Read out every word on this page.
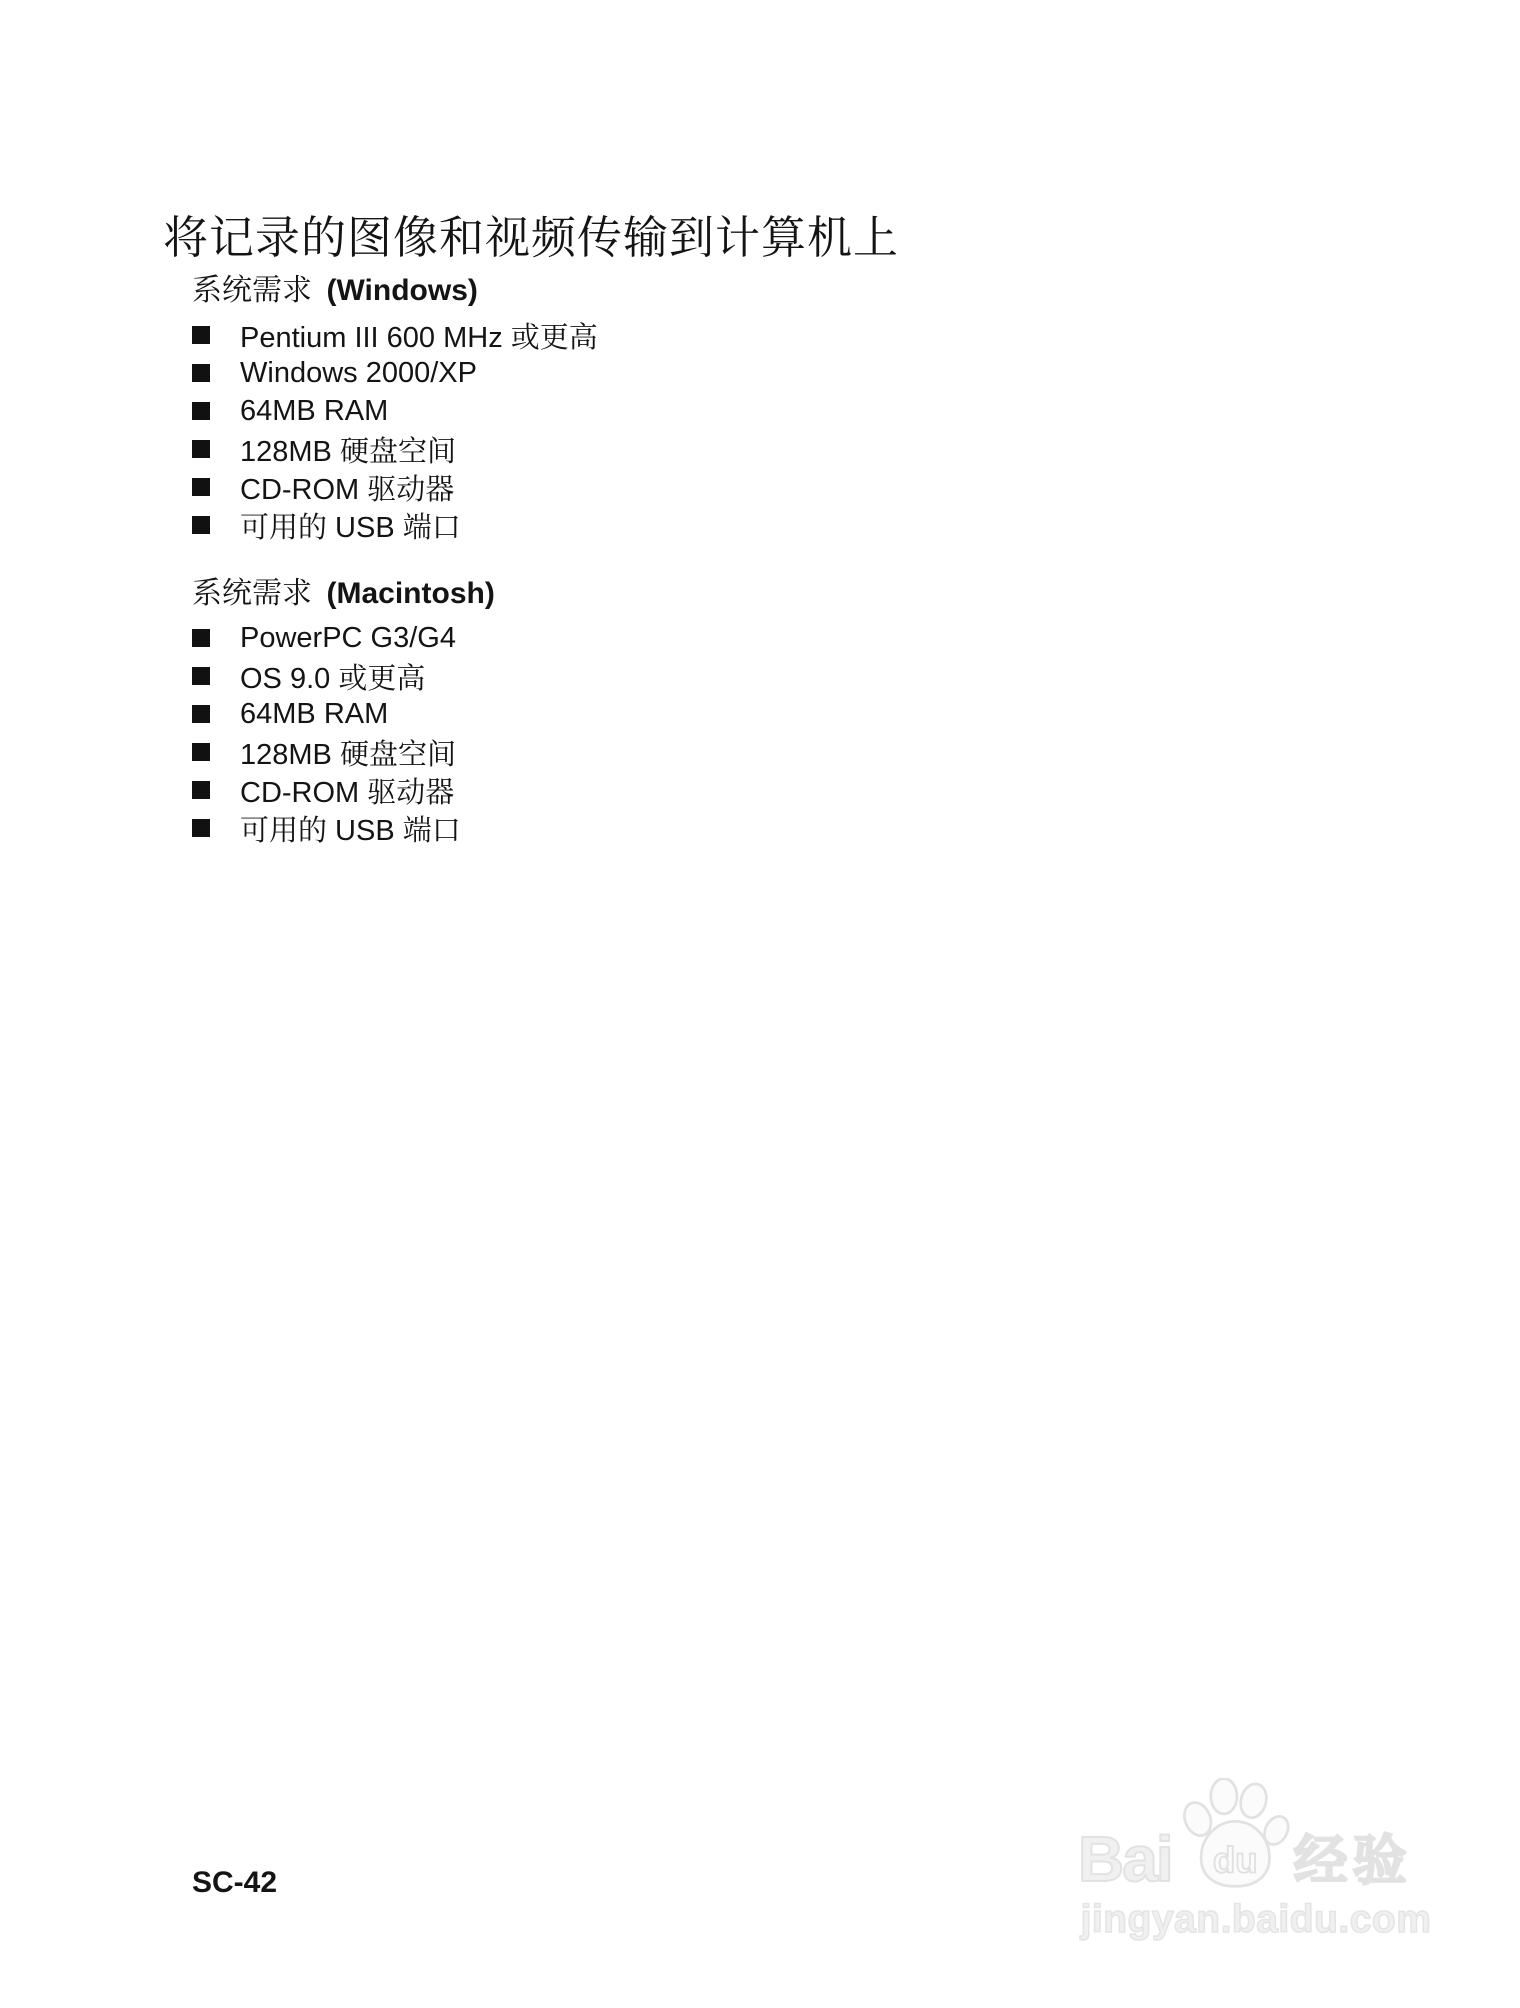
将记录的图像和视频传输到计算机上
系统需求 (Windows)
Pentium III 600 MHz 或更高
Windows 2000/XP
64MB RAM
128MB 硬盘空间
CD-ROM 驱动器
可用的 USB 端口
系统需求 (Macintosh)
PowerPC G3/G4
OS 9.0 或更高
64MB RAM
128MB 硬盘空间
CD-ROM 驱动器
可用的 USB 端口
SC-42	Bai du 经验
jingyan.baidu.com
